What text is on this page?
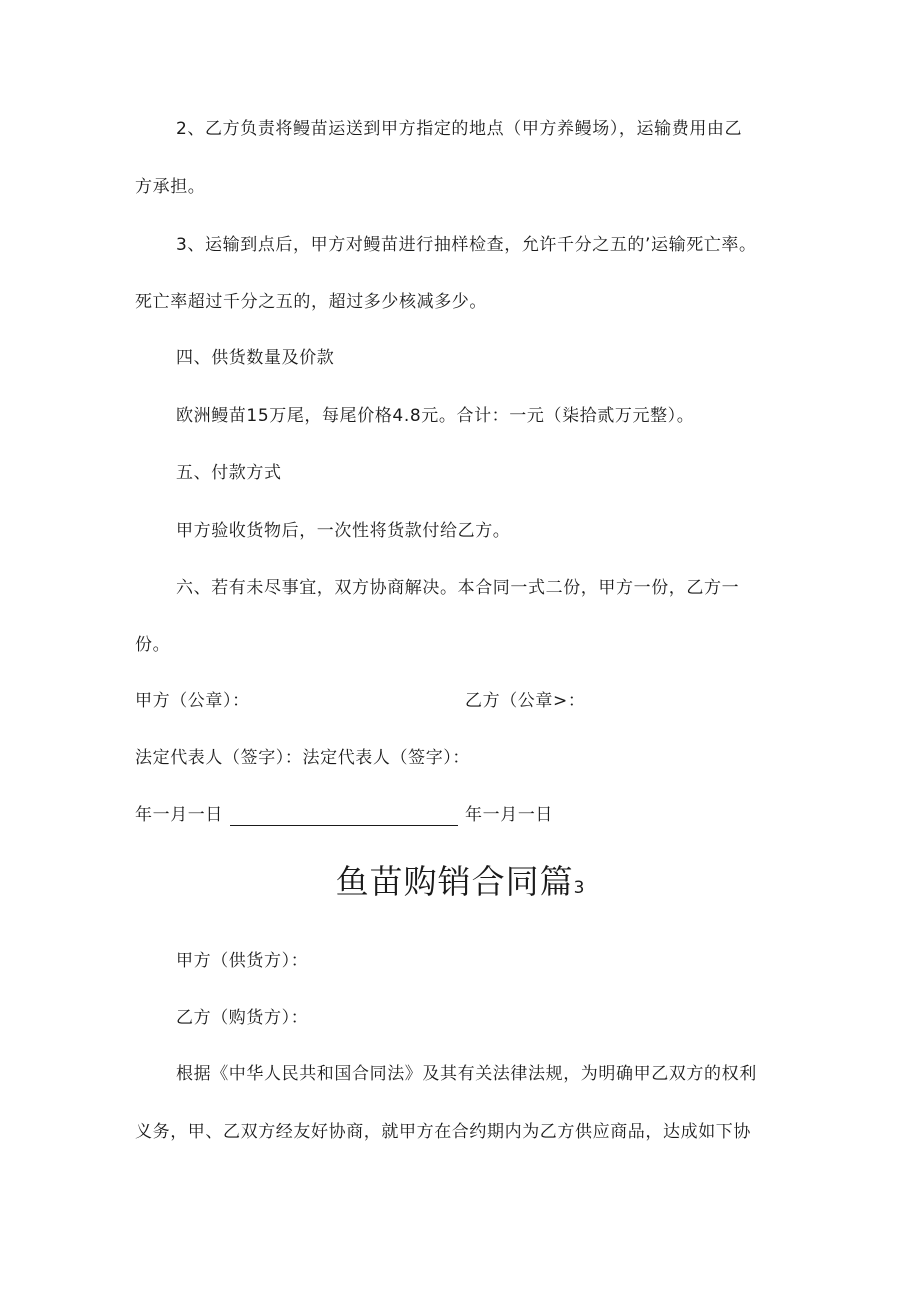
2、乙方负责将鳗苗运送到甲方指定的地点（甲方养鳗场），运输费用由乙
方承担。
3、运输到点后，甲方对鳗苗进行抽样检查，允许千分之五的’运输死亡率。
死亡率超过千分之五的，超过多少核减多少。
四、供货数量及价款
欧洲鳗苗15万尾，每尾价格4.8元。合计：一元（柒拾贰万元整）。
五、付款方式
甲方验收货物后，一次性将货款付给乙方。
六、若有未尽事宜，双方协商解决。本合同一式二份，甲方一份，乙方一
份。
甲方（公章）：	乙方（公章>：
法定代表人（签字）：法定代表人（签字）：
年一月一日	年一月一日
鱼苗购销合同篇3
甲方（供货方）：
乙方（购货方）：
根据《中华人民共和国合同法》及其有关法律法规，为明确甲乙双方的权利
义务，甲、乙双方经友好协商，就甲方在合约期内为乙方供应商品，达成如下协
